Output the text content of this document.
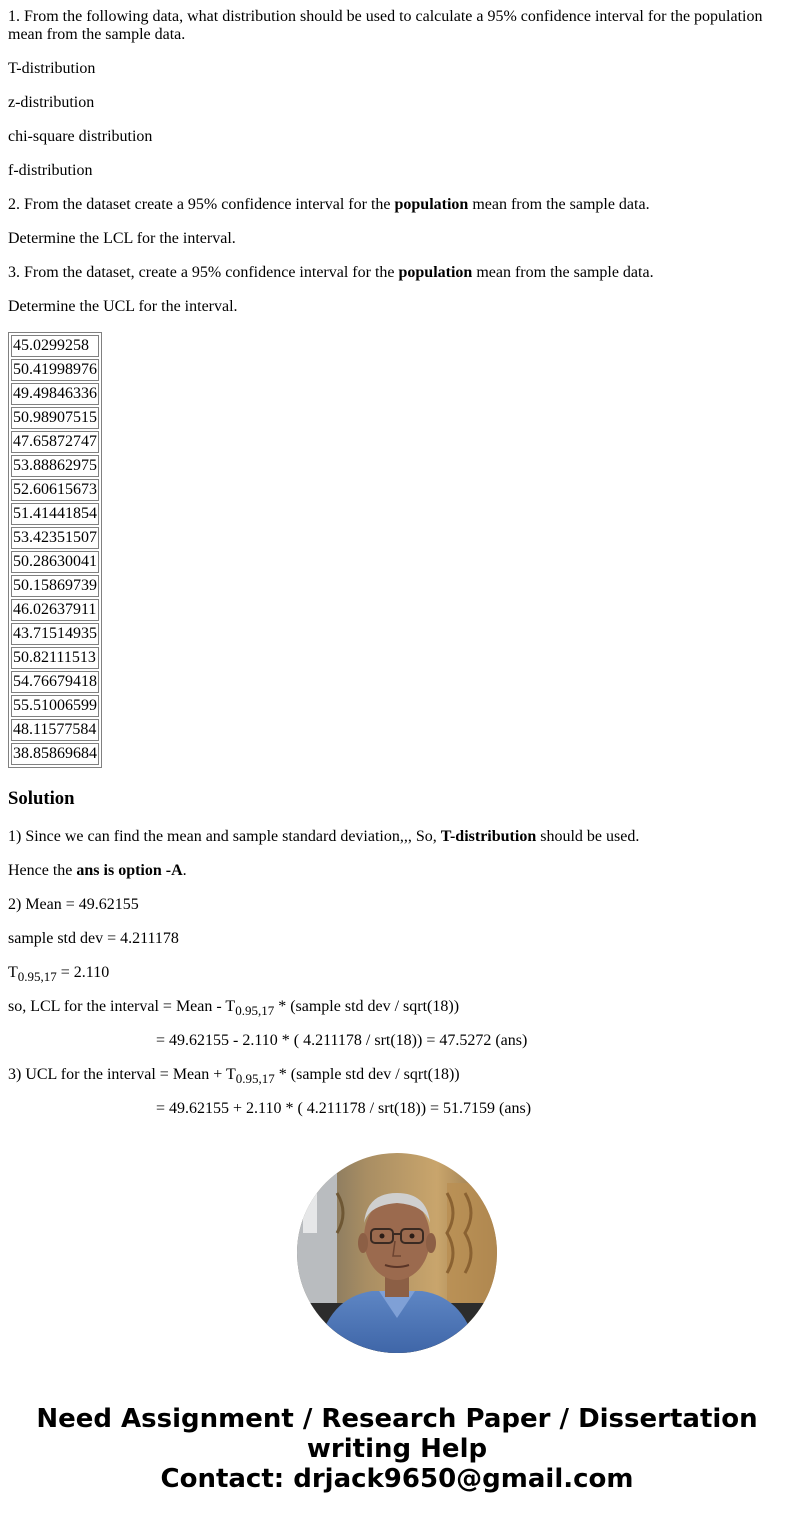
1. From the following data, what distribution should be used to calculate a 95% confidence interval for the population mean from the sample data.

T-distribution

z-distribution

chi-square distribution

f-distribution

2. From the dataset create a 95% confidence interval for the population mean from the sample data.

Determine the LCL for the interval.

3. From the dataset, create a 95% confidence interval for the population mean from the sample data.

Determine the UCL for the interval.

45.0299258
50.41998976
49.49846336
50.98907515
47.65872747
53.88862975
52.60615673
51.41441854
53.42351507
50.28630041
50.15869739
46.02637911
43.71514935
50.82111513
54.76679418
55.51006599
48.11577584
38.85869684
Solution

1) Since we can find the mean and sample standard deviation,,, So, T-distribution should be used.

Hence the ans is option -A.

2) Mean = 49.62155

sample std dev = 4.211178

$T_{0.95,17} = 2.110$

so, LCL for the interval = Mean - $T_{0.95,17}$ * (sample std dev / sqrt(18))

= 49.62155 - 2.110 * ( 4.211178 / srt(18)) = 47.5272 (ans)

3) UCL for the interval = Mean + $T_{0.95,17}$ * (sample std dev / sqrt(18))

= 49.62155 + 2.110 * ( 4.211178 / srt(18)) = 51.7159 (ans)

Need Assignment / Research Paper / Dissertation
writing Help
Contact: drjack9650@gmail.com
